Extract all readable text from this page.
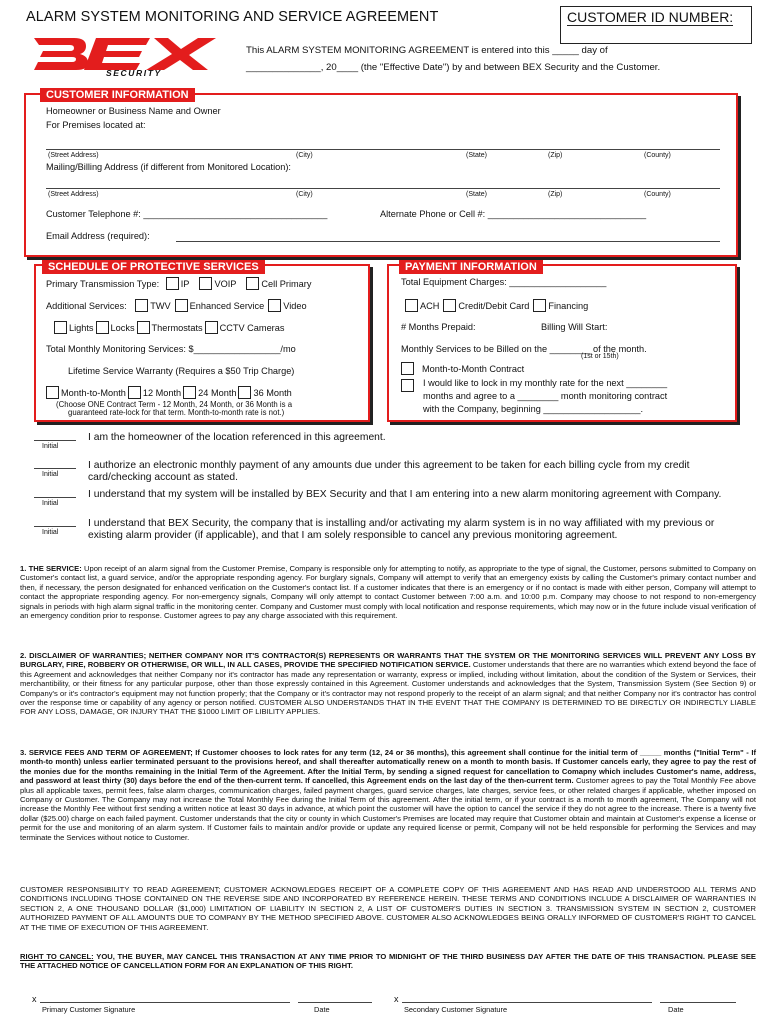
ALARM SYSTEM MONITORING AND SERVICE AGREEMENT	CUSTOMER ID NUMBER:
SECURITY
This ALARM SYSTEM MONITORING AGREEMENT is entered into this _____ day of
______________, 20____ (the "Effective Date") by and between BEX Security and the Customer.
CUSTOMER INFORMATION
Homeowner or Business Name and Owner
For Premises located at:
(Street Address)	(City)	(State)	(Zip)	(County)
Mailing/Billing Address (if different from Monitored Location):
(Street Address)	(City)	(State)	(Zip)	(County)
Customer Telephone #: ____________________________________	Alternate Phone or Cell #: _______________________________
Email Address (required):
SCHEDULE OF PROTECTIVE SERVICES
Primary Transmission Type: IP	VOIP	Cell Primary
Additional Services:	TWV Enhanced Service Video
Lights Locks Thermostats CCTV Cameras
Total Monthly Monitoring Services: $_________________/mo
Lifetime Service Warranty (Requires a $50 Trip Charge)
Month-to-Month 12 Month 24 Month 36 Month
(Choose ONE Contract Term - 12 Month, 24 Month, or 36 Month is a
guaranteed rate-lock for that term. Month-to-month rate is not.)
PAYMENT INFORMATION
Total Equipment Charges: ___________________
ACH Credit/Debit Card Financing
# Months Prepaid:	Billing Will Start:
Monthly Services to be Billed on the ________ of the month.
(1st or 15th)
Month-to-Month Contract
I would like to lock in my monthly rate for the next ________
months and agree to a ________ month monitoring contract
with the Company, beginning ___________________.
Initial
I am the homeowner of the location referenced in this agreement.
Initial
I authorize an electronic monthly payment of any amounts due under this agreement to be taken for each billing cycle from my credit card/checking account as stated.
Initial
I understand that my system will be installed by BEX Security and that I am entering into a new alarm monitoring agreement with Company.
Initial
I understand that BEX Security, the company that is installing and/or activating my alarm system is in no way affiliated with my previous or existing alarm provider (if applicable), and that I am solely responsible to cancel any previous monitoring agreement.
1. THE SERVICE: Upon receipt of an alarm signal from the Customer Premise, Company is responsible only for attempting to notify, as appropriate to the type of signal, the Customer, persons submitted to Company on Customer's contact list, a guard service, and/or the appropriate responding agency. For burglary signals, Company will attempt to verify that an emergency exists by calling the Customer's primary contact number and then, if necessary, the person designated for enhanced verification on the Customer's contact list. If a customer indicates that there is an emergency or if no contact is made with either person, Company will attempt to contact the appropriate responding agency. For non-emergency signals, Company will only attempt to contact Customer between 7:00 a.m. and 10:00 p.m. Company may choose to not respond to non-emergency signals in periods with high alarm signal traffic in the monitoring center. Company and Customer must comply with local notification and response requirements, which may now or in the future include visual verification of an emergency condition prior to response. Customer agrees to pay any charge associated with this requirement.
2. DISCLAIMER OF WARRANTIES; NEITHER COMPANY NOR IT'S CONTRACTOR(S) REPRESENTS OR WARRANTS THAT THE SYSTEM OR THE MONITORING SERVICES WILL PREVENT ANY LOSS BY BURGLARY, FIRE, ROBBERY OR OTHERWISE, OR WILL, IN ALL CASES, PROVIDE THE SPECIFIED NOTIFICATION SERVICE. Customer understands that there are no warranties which extend beyond the face of this Agreement and acknowledges that neither Company nor it's contractor has made any representation or warranty, express or implied, including without limitation, about the condition of the System or Services, their merchantibility, or their fitness for any particular purpose, other than those expressly contained in this Agreement. Customer understands and acknowledges that the System, Transmission System (See Section 9) or Company's or it's contractor's equipment may not function properly; that the Company or it's contractor may not respond properly to the receipt of an alarm signal; and that neither Company nor it's contractor has control over the response time or capability of any agency or person notified. CUSTOMER ALSO UNDERSTANDS THAT IN THE EVENT THAT THE COMPANY IS DETERMINED TO BE DIRECTLY OR INDIRECTLY LIABLE FOR ANY LOSS, DAMAGE, OR INJURY THAT THE $1000 LIMIT OF LIBILITY APPLIES.
3. SERVICE FEES AND TERM OF AGREEMENT; If Customer chooses to lock rates for any term (12, 24 or 36 months), this agreement shall continue for the initial term of _____ months ("Initial Term" - If month-to month) unless earlier terminated persuant to the provisions hereof, and shall thereafter automatically renew on a month to month basis. If Customer cancels early, they agree to pay the rest of the monies due for the months remaining in the Initial Term of the Agreement. After the Initial Term, by sending a signed request for cancellation to Comapny which includes Customer's name, address, and password at least thirty (30) days before the end of the then-current term. If cancelled, this Agreement ends on the last day of the then-current term. Customer agrees to pay the Total Monthly Fee above plus all applicable taxes, permit fees, false alarm charges, communication charges, failed payment charges, guard service charges, late charges, service fees, or other related charges if applicable, whether imposed on Company or Customer. The Company may not increase the Total Monthly Fee during the Initial Term of this agreement. After the initial term, or if your contract is a month to month agreement, The Company will not increase the Monthly Fee without first sending a written notice at least 30 days in advance, at which point the customer will have the option to cancel the service if they do not agree to the increase. There is a twenty five dollar ($25.00) charge on each failed payment. Customer understands that the city or county in which Customer's Premises are located may require that Customer obtain and maintain at Customer's expense a license or permit for the use and monitoring of an alarm system. If Customer fails to maintain and/or provide or update any required license or permit, Company will not be held responsible for performing the Services and may terminate the Services without notice to Customer.
CUSTOMER RESPONSIBILITY TO READ AGREEMENT; CUSTOMER ACKNOWLEDGES RECEIPT OF A COMPLETE COPY OF THIS AGREEMENT AND HAS READ AND UNDERSTOOD ALL TERMS AND CONDITIONS INCLUDING THOSE CONTAINED ON THE REVERSE SIDE AND INCORPORATED BY REFERENCE HEREIN. THESE TERMS AND CONDITIONS INCLUDE A DISCLAIMER OF WARRANTIES IN SECTION 2, A ONE THOUSAND DOLLAR ($1,000) LIMITATION OF LIABILITY IN SECTION 2, A LIST OF CUSTOMER'S DUTIES IN SECTION 3. TRANSMISSION SYSTEM IN SECTION 2, CUSTOMER AUTHORIZED PAYMENT OF ALL AMOUNTS DUE TO COMPANY BY THE METHOD SPECIFIED ABOVE. CUSTOMER ALSO ACKNOWLEDGES BEING ORALLY INFORMED OF CUSTOMER'S RIGHT TO CANCEL AT THE TIME OF EXECUTION OF THIS AGREEMENT.
RIGHT TO CANCEL: YOU, THE BUYER, MAY CANCEL THIS TRANSACTION AT ANY TIME PRIOR TO MIDNIGHT OF THE THIRD BUSINESS DAY AFTER THE DATE OF THIS TRANSACTION. PLEASE SEE THE ATTACHED NOTICE OF CANCELLATION FORM FOR AN EXPLANATION OF THIS RIGHT.
x
Primary Customer Signature	Date
x
Secondary Customer Signature	Date
